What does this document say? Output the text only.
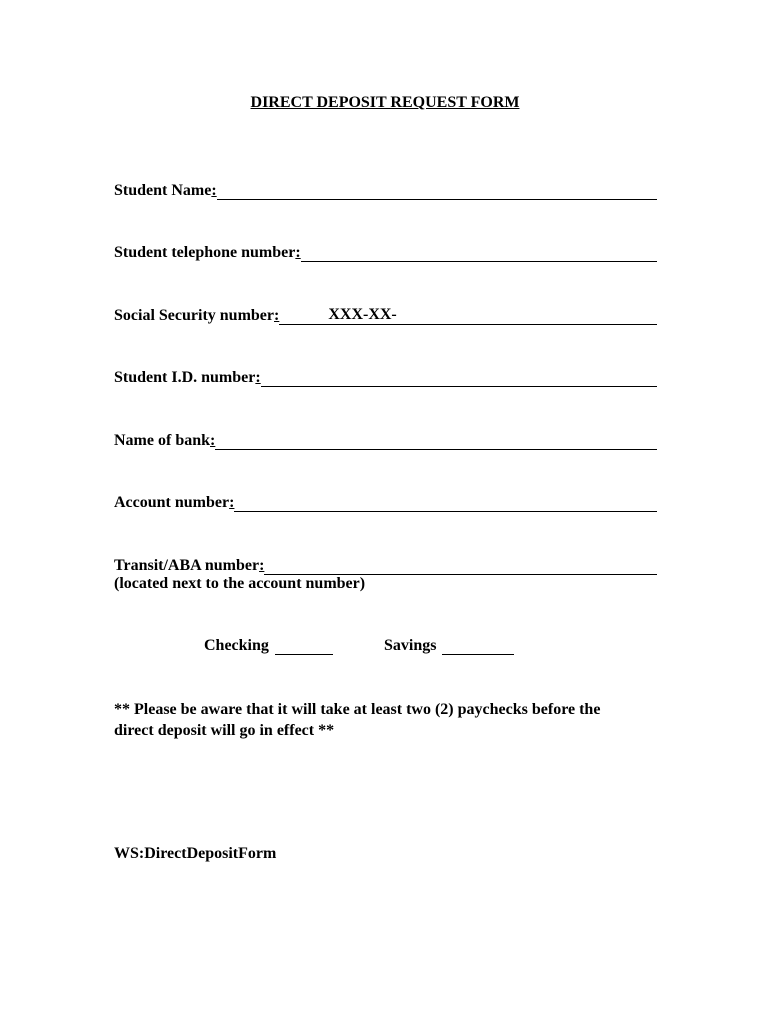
DIRECT DEPOSIT REQUEST FORM
Student Name :
Student telephone number :
Social Security number :	XXX-XX-
Student I.D. number :
Name of bank :
Account number :
Transit/ABA number :
(located next to the account number)
Checking	Savings
** Please be aware that it will take at least two (2) paychecks before the
direct deposit will go in effect **
WS:DirectDepositForm
